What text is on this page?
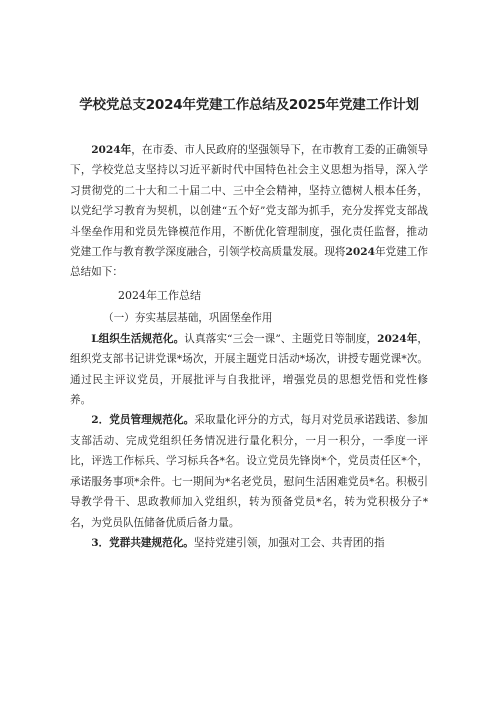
学校党总支2024年党建工作总结及2025年党建工作计划

2024年，在市委、市人民政府的坚强领导下，在市教育工委的正确领导下，学校党总支坚持以习近平新时代中国特色社会主义思想为指导，深入学习贯彻党的二十大和二十届二中、三中全会精神，坚持立德树人根本任务，以党纪学习教育为契机，以创建“五个好”党支部为抓手，充分发挥党支部战斗堡垒作用和党员先锋模范作用，不断优化管理制度，强化责任监督，推动党建工作与教育教学深度融合，引领学校高质量发展。现将2024年党建工作总结如下：

2024年工作总结
（一）夯实基层基础，巩固堡垒作用

L组织生活规范化。认真落实“三会一课”、主题党日等制度，2024年，组织党支部书记讲党课*场次，开展主题党日活动*场次，讲授专题党课*次。通过民主评议党员，开展批评与自我批评，增强党员的思想党悟和党性修养。

2．党员管理规范化。采取量化评分的方式，每月对党员承诺践诺、参加支部活动、完成党组织任务情况进行量化积分，一月一积分，一季度一评比，评选工作标兵、学习标兵各*名。设立党员先锋岗*个，党员责任区*个，承诺服务事项*余件。七一期间为*名老党员，慰问生活困难党员*名。积极引导教学骨干、思政教师加入党组织，转为预备党员*名，转为党积极分子*名，为党员队伍储备优质后备力量。

3．党群共建规范化。坚持党建引领，加强对工会、共青团的指
